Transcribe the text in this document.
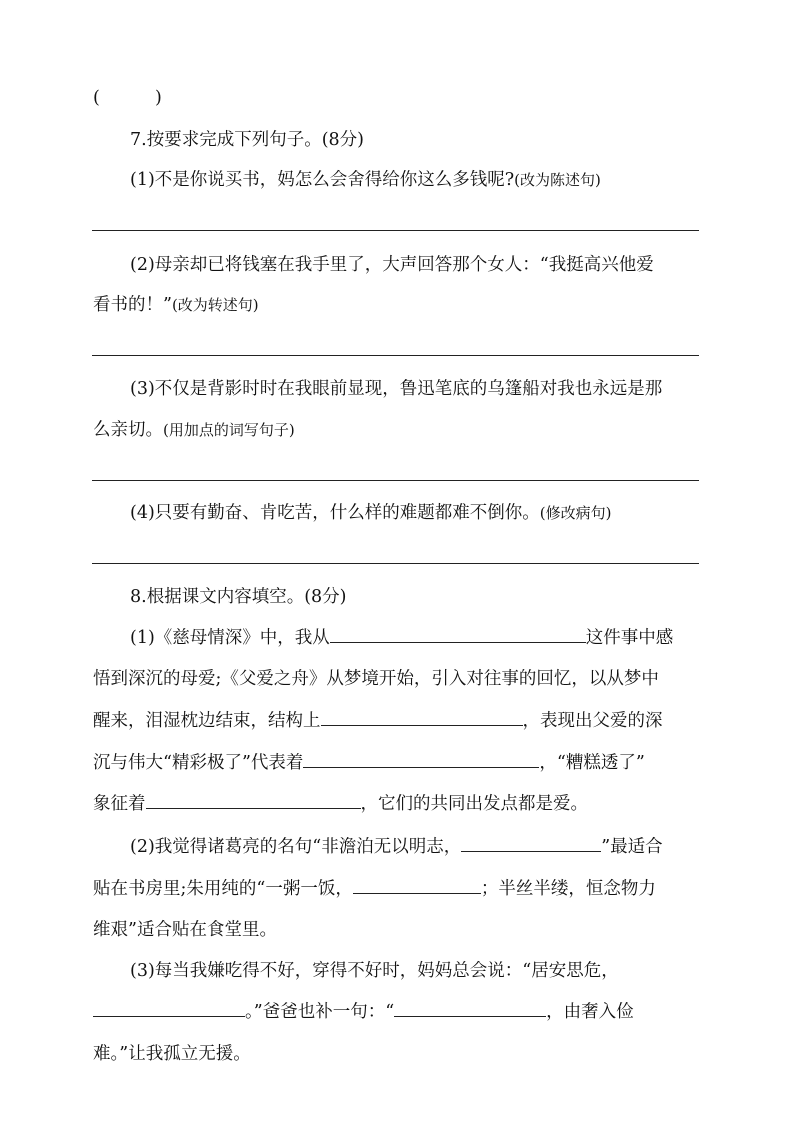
(	)
7.按要求完成下列句子。(8分)
(1)不是你说买书，妈怎么会舍得给你这么多钱呢?(改为陈述句)
(2)母亲却已将钱塞在我手里了，大声回答那个女人：“我挺高兴他爱
看书的！”(改为转述句)
(3)不仅是背影时时在我眼前显现，鲁迅笔底的乌篷船对我也永远是那
么亲切。(用加点的词写句子)
(4)只要有勤奋、肯吃苦，什么样的难题都难不倒你。(修改病句)
8.根据课文内容填空。(8分)
(1)《慈母情深》中，我从	这件事中感
悟到深沉的母爱;《父爱之舟》从梦境开始，引入对往事的回忆，以从梦中
醒来，泪湿枕边结束，结构上	，表现出父爱的深
沉与伟大“精彩极了”代表着	，“糟糕透了”
象征着	，它们的共同出发点都是爱。
(2)我觉得诸葛亮的名句“非澹泊无以明志，	”最适合
贴在书房里;朱用纯的“一粥一饭，	；半丝半缕，恒念物力
维艰”适合贴在食堂里。
(3)每当我嫌吃得不好，穿得不好时，妈妈总会说：“居安思危，
。”爸爸也补一句：“	，由奢入俭
难。”让我孤立无援。
